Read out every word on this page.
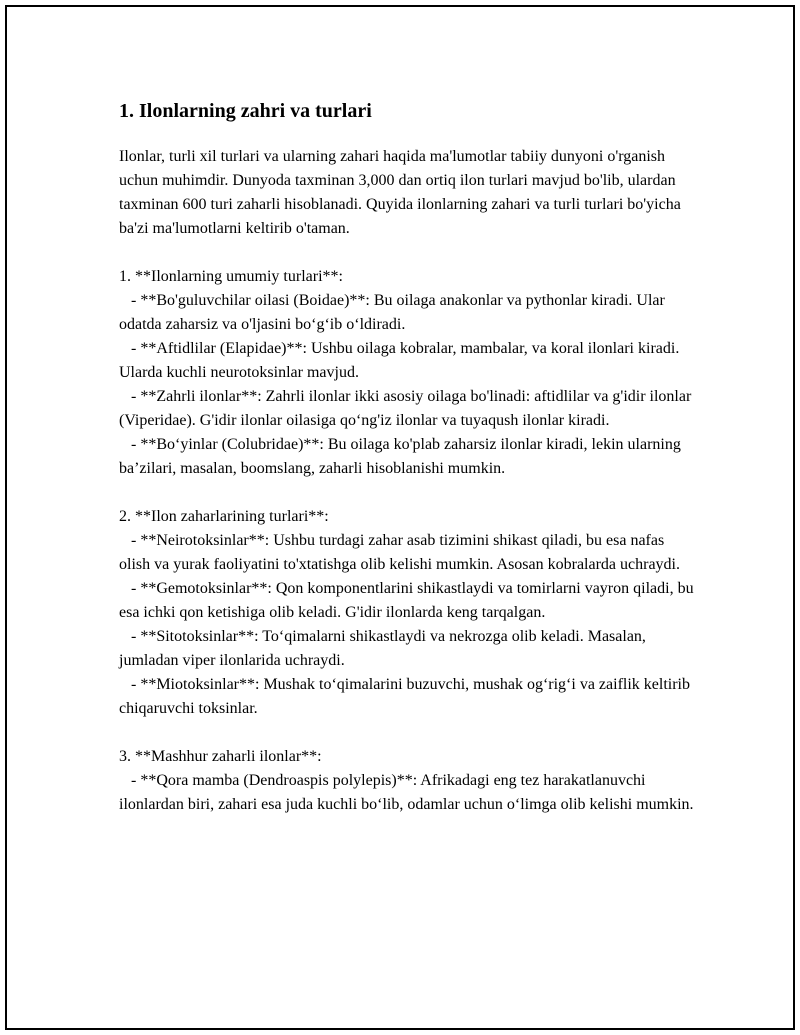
1. Ilonlarning zahri va turlari
Ilonlar, turli xil turlari va ularning zahari haqida ma'lumotlar tabiiy dunyoni o'rganish uchun muhimdir. Dunyoda taxminan 3,000 dan ortiq ilon turlari mavjud bo'lib, ulardan taxminan 600 turi zaharli hisoblanadi. Quyida ilonlarning zahari va turli turlari bo'yicha ba'zi ma'lumotlarni keltirib o'taman.

1. **Ilonlarning umumiy turlari**:
- **Bo'guluvchilar oilasi (Boidae)**: Bu oilaga anakonlar va pythonlar kiradi. Ular odatda zaharsiz va o'ljasini bo‘g‘ib o‘ldiradi.
- **Aftidlilar (Elapidae)**: Ushbu oilaga kobralar, mambalar, va koral ilonlari kiradi. Ularda kuchli neurotoksinlar mavjud.
- **Zahrli ilonlar**: Zahrli ilonlar ikki asosiy oilaga bo'linadi: aftidlilar va g'idir ilonlar (Viperidae). G'idir ilonlar oilasiga qo‘ng'iz ilonlar va tuyaqush ilonlar kiradi.
- **Bo‘yinlar (Colubridae)**: Bu oilaga ko'plab zaharsiz ilonlar kiradi, lekin ularning ba’zilari, masalan, boomslang, zaharli hisoblanishi mumkin.

2. **Ilon zaharlarining turlari**:
- **Neirotoksinlar**: Ushbu turdagi zahar asab tizimini shikast qiladi, bu esa nafas olish va yurak faoliyatini to'xtatishga olib kelishi mumkin. Asosan kobralarda uchraydi.
- **Gemotoksinlar**: Qon komponentlarini shikastlaydi va tomirlarni vayron qiladi, bu esa ichki qon ketishiga olib keladi. G'idir ilonlarda keng tarqalgan.
- **Sitotoksinlar**: To‘qimalarni shikastlaydi va nekrozga olib keladi. Masalan, jumladan viper ilonlarida uchraydi.
- **Miotoksinlar**: Mushak to‘qimalarini buzuvchi, mushak og‘rig‘i va zaiflik keltirib chiqaruvchi toksinlar.

3. **Mashhur zaharli ilonlar**:
- **Qora mamba (Dendroaspis polylepis)**: Afrikadagi eng tez harakatlanuvchi ilonlardan biri, zahari esa juda kuchli bo‘lib, odamlar uchun o‘limga olib kelishi mumkin.
